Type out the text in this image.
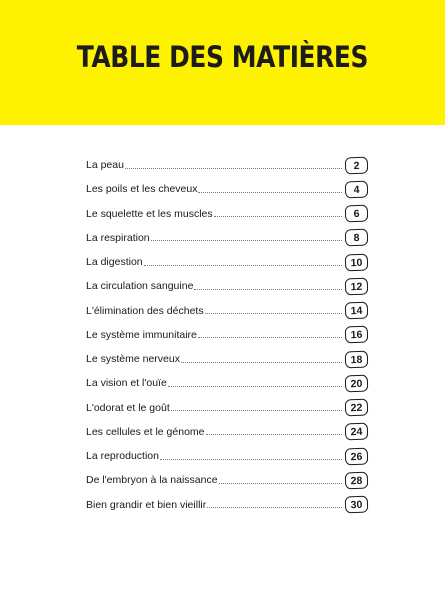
TABLE DES MATIÈRES
La peau	2
Les poils et les cheveux	4
Le squelette et les muscles	6
La respiration	8
La digestion	10
La circulation sanguine	12
L'élimination des déchets	14
Le système immunitaire	16
Le système nerveux	18
La vision et l'ouïe	20
L'odorat et le goût	22
Les cellules et le génome	24
La reproduction	26
De l'embryon à la naissance	28
Bien grandir et bien vieillir	30
